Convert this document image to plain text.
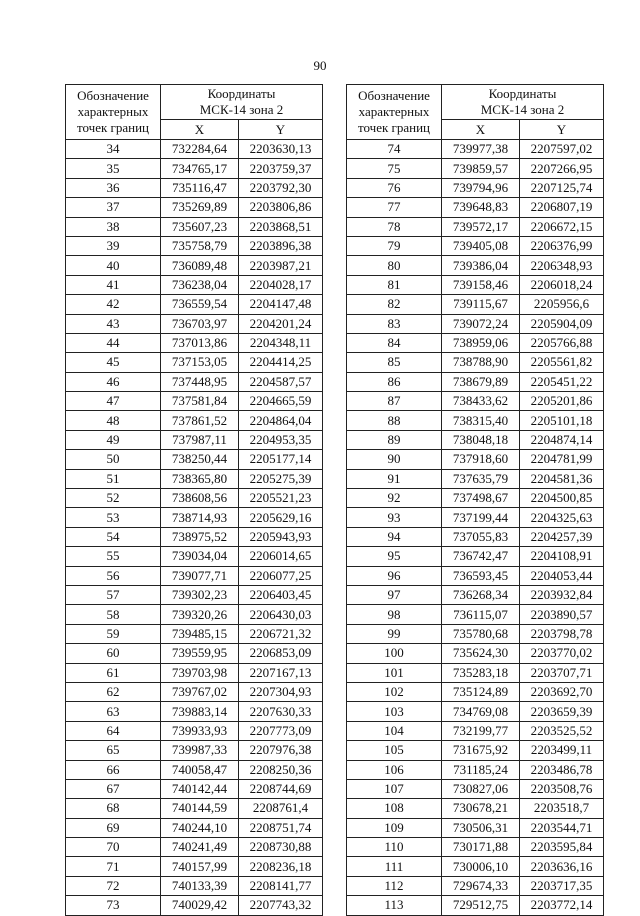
90
Обозначение
характерных
точек границ	Координаты
МСК-14 зона 2	
	X	Y
34	732284,64	2203630,13
35	734765,17	2203759,37
36	735116,47	2203792,30
37	735269,89	2203806,86
38	735607,23	2203868,51
39	735758,79	2203896,38
40	736089,48	2203987,21
41	736238,04	2204028,17
42	736559,54	2204147,48
43	736703,97	2204201,24
44	737013,86	2204348,11
45	737153,05	2204414,25
46	737448,95	2204587,57
47	737581,84	2204665,59
48	737861,52	2204864,04
49	737987,11	2204953,35
50	738250,44	2205177,14
51	738365,80	2205275,39
52	738608,56	2205521,23
53	738714,93	2205629,16
54	738975,52	2205943,93
55	739034,04	2206014,65
56	739077,71	2206077,25
57	739302,23	2206403,45
58	739320,26	2206430,03
59	739485,15	2206721,32
60	739559,95	2206853,09
61	739703,98	2207167,13
62	739767,02	2207304,93
63	739883,14	2207630,33
64	739933,93	2207773,09
65	739987,33	2207976,38
66	740058,47	2208250,36
67	740142,44	2208744,69
68	740144,59	2208761,4
69	740244,10	2208751,74
70	740241,49	2208730,88
71	740157,99	2208236,18
72	740133,39	2208141,77
73	740029,42	2207743,32
Обозначение
характерных
точек границ	Координаты
МСК-14 зона 2	
	X	Y
74	739977,38	2207597,02
75	739859,57	2207266,95
76	739794,96	2207125,74
77	739648,83	2206807,19
78	739572,17	2206672,15
79	739405,08	2206376,99
80	739386,04	2206348,93
81	739158,46	2206018,24
82	739115,67	2205956,6
83	739072,24	2205904,09
84	738959,06	2205766,88
85	738788,90	2205561,82
86	738679,89	2205451,22
87	738433,62	2205201,86
88	738315,40	2205101,18
89	738048,18	2204874,14
90	737918,60	2204781,99
91	737635,79	2204581,36
92	737498,67	2204500,85
93	737199,44	2204325,63
94	737055,83	2204257,39
95	736742,47	2204108,91
96	736593,45	2204053,44
97	736268,34	2203932,84
98	736115,07	2203890,57
99	735780,68	2203798,78
100	735624,30	2203770,02
101	735283,18	2203707,71
102	735124,89	2203692,70
103	734769,08	2203659,39
104	732199,77	2203525,52
105	731675,92	2203499,11
106	731185,24	2203486,78
107	730827,06	2203508,76
108	730678,21	2203518,7
109	730506,31	2203544,71
110	730171,88	2203595,84
111	730006,10	2203636,16
112	729674,33	2203717,35
113	729512,75	2203772,14
